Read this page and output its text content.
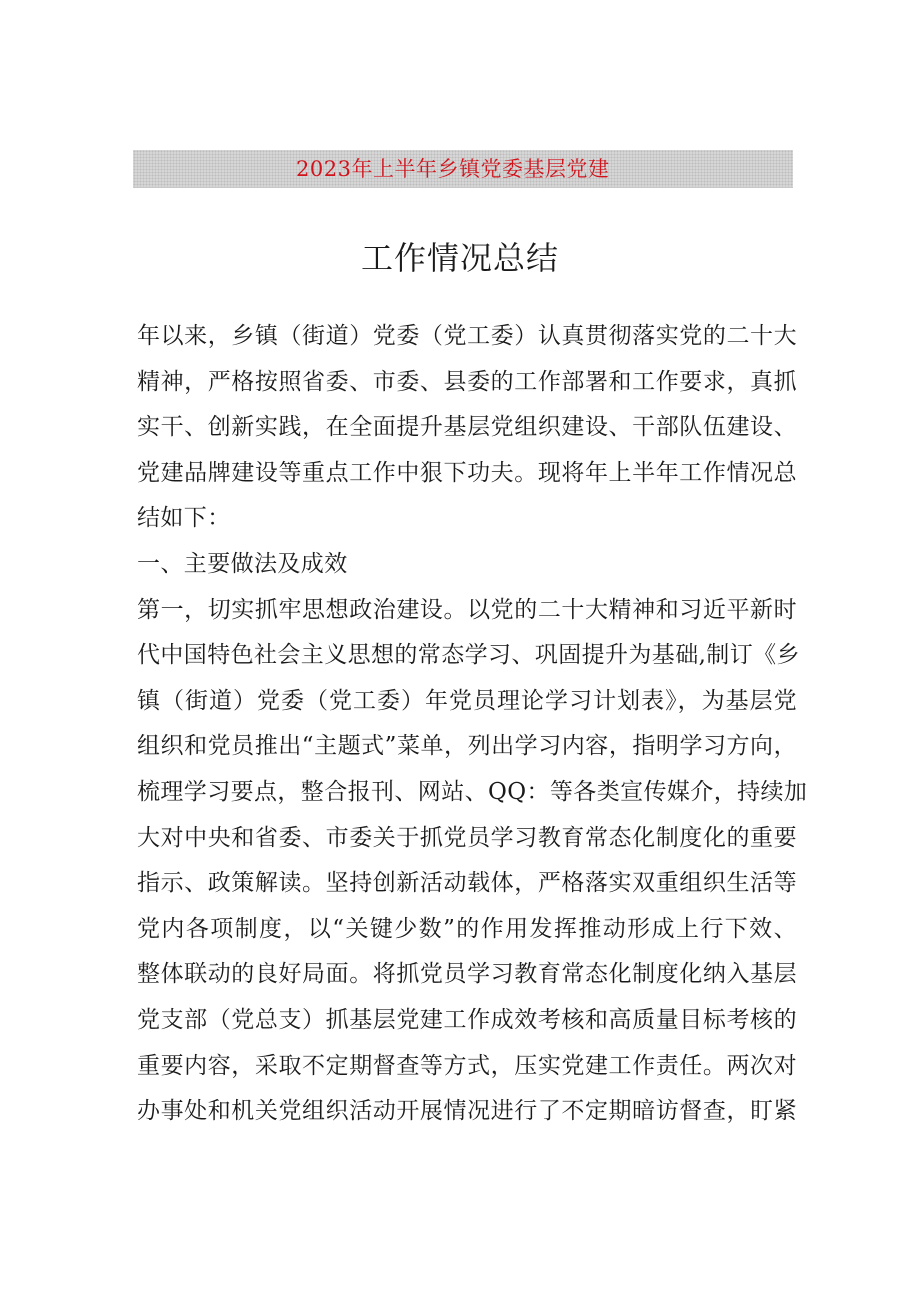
2023年上半年乡镇党委基层党建
工作情况总结
年以来，乡镇（街道）党委（党工委）认真贯彻落实党的二十大
精神，严格按照省委、市委、县委的工作部署和工作要求，真抓
实干、创新实践，在全面提升基层党组织建设、干部队伍建设、
党建品牌建设等重点工作中狠下功夫。现将年上半年工作情况总
结如下：
一、主要做法及成效
第一，切实抓牢思想政治建设。以党的二十大精神和习近平新时
代中国特色社会主义思想的常态学习、巩固提升为基础,制订《乡
镇（街道）党委（党工委）年党员理论学习计划表》，为基层党
组织和党员推出“主题式”菜单，列出学习内容，指明学习方向，
梳理学习要点，整合报刊、网站、QQ：等各类宣传媒介，持续加
大对中央和省委、市委关于抓党员学习教育常态化制度化的重要
指示、政策解读。坚持创新活动载体，严格落实双重组织生活等
党内各项制度，以“关键少数”的作用发挥推动形成上行下效、
整体联动的良好局面。将抓党员学习教育常态化制度化纳入基层
党支部（党总支）抓基层党建工作成效考核和高质量目标考核的
重要内容，采取不定期督查等方式，压实党建工作责任。两次对
办事处和机关党组织活动开展情况进行了不定期暗访督查，盯紧
